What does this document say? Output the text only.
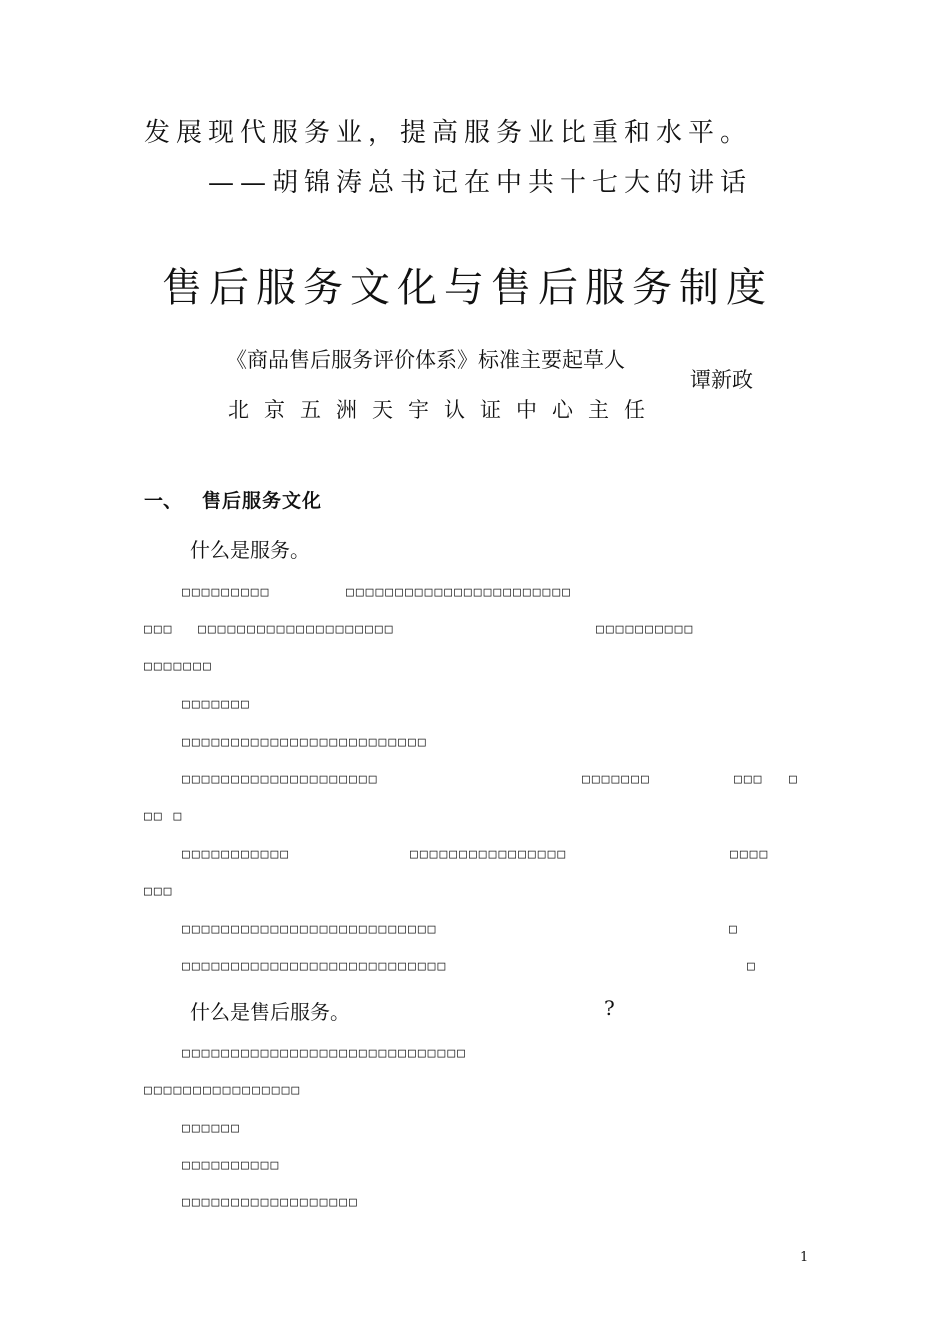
发展现代服务业，提高服务业比重和水平。
——胡锦涛总书记在中共十七大的讲话
售后服务文化与售后服务制度
《商品售后服务评价体系》标准主要起草人
北京五洲天宇认证中心主任
谭新政
一、 售后服务文化
什么是服务。
□□□□□□□□□	□□□□□□□□□□□□□□□□□□□□□□□
□□□ □□□□□□□□□□□□□□□□□□□□	□□□□□□□□□□
□□□□□□□
□□□□□□□
□□□□□□□□□□□□□□□□□□□□□□□□□
□□□□□□□□□□□□□□□□□□□□	□□□□□□□	□□□ □
□□ □
□□□□□□□□□□□	□□□□□□□□□□□□□□□□	□□□□
□□□
□□□□□□□□□□□□□□□□□□□□□□□□□□	□
□□□□□□□□□□□□□□□□□□□□□□□□□□□	□
什么是售后服务。	?
□□□□□□□□□□□□□□□□□□□□□□□□□□□□□
□□□□□□□□□□□□□□□□
□□□□□□
□□□□□□□□□□
□□□□□□□□□□□□□□□□□□
1
